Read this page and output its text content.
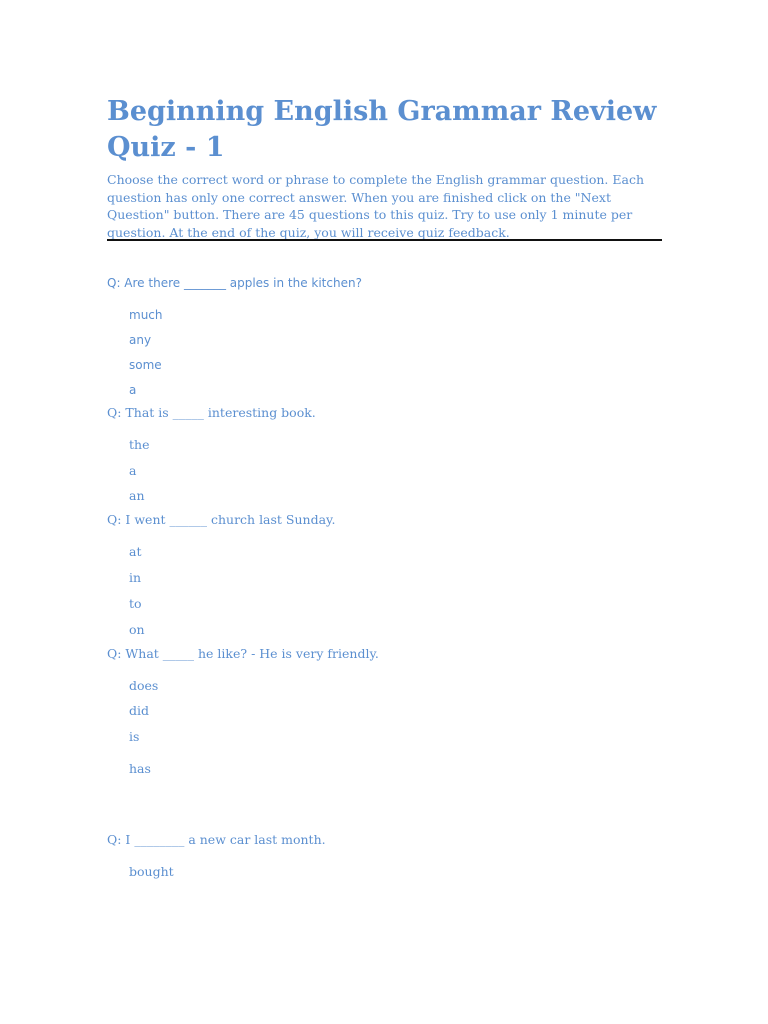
Beginning English Grammar Review Quiz - 1

Choose the correct word or phrase to complete the English grammar question. Each question has only one correct answer. When you are finished click on the "Next Question" button. There are 45 questions to this quiz. Try to use only 1 minute per question. At the end of the quiz, you will receive quiz feedback.

Q: Are there _______ apples in the kitchen?

much

any

some

a

Q: That is _____ interesting book.

the

a

an

Q: I went ______ church last Sunday.

at

in

to

on

Q: What _____ he like? - He is very friendly.

does

did

is

has

Q: I ________ a new car last month.

bought
